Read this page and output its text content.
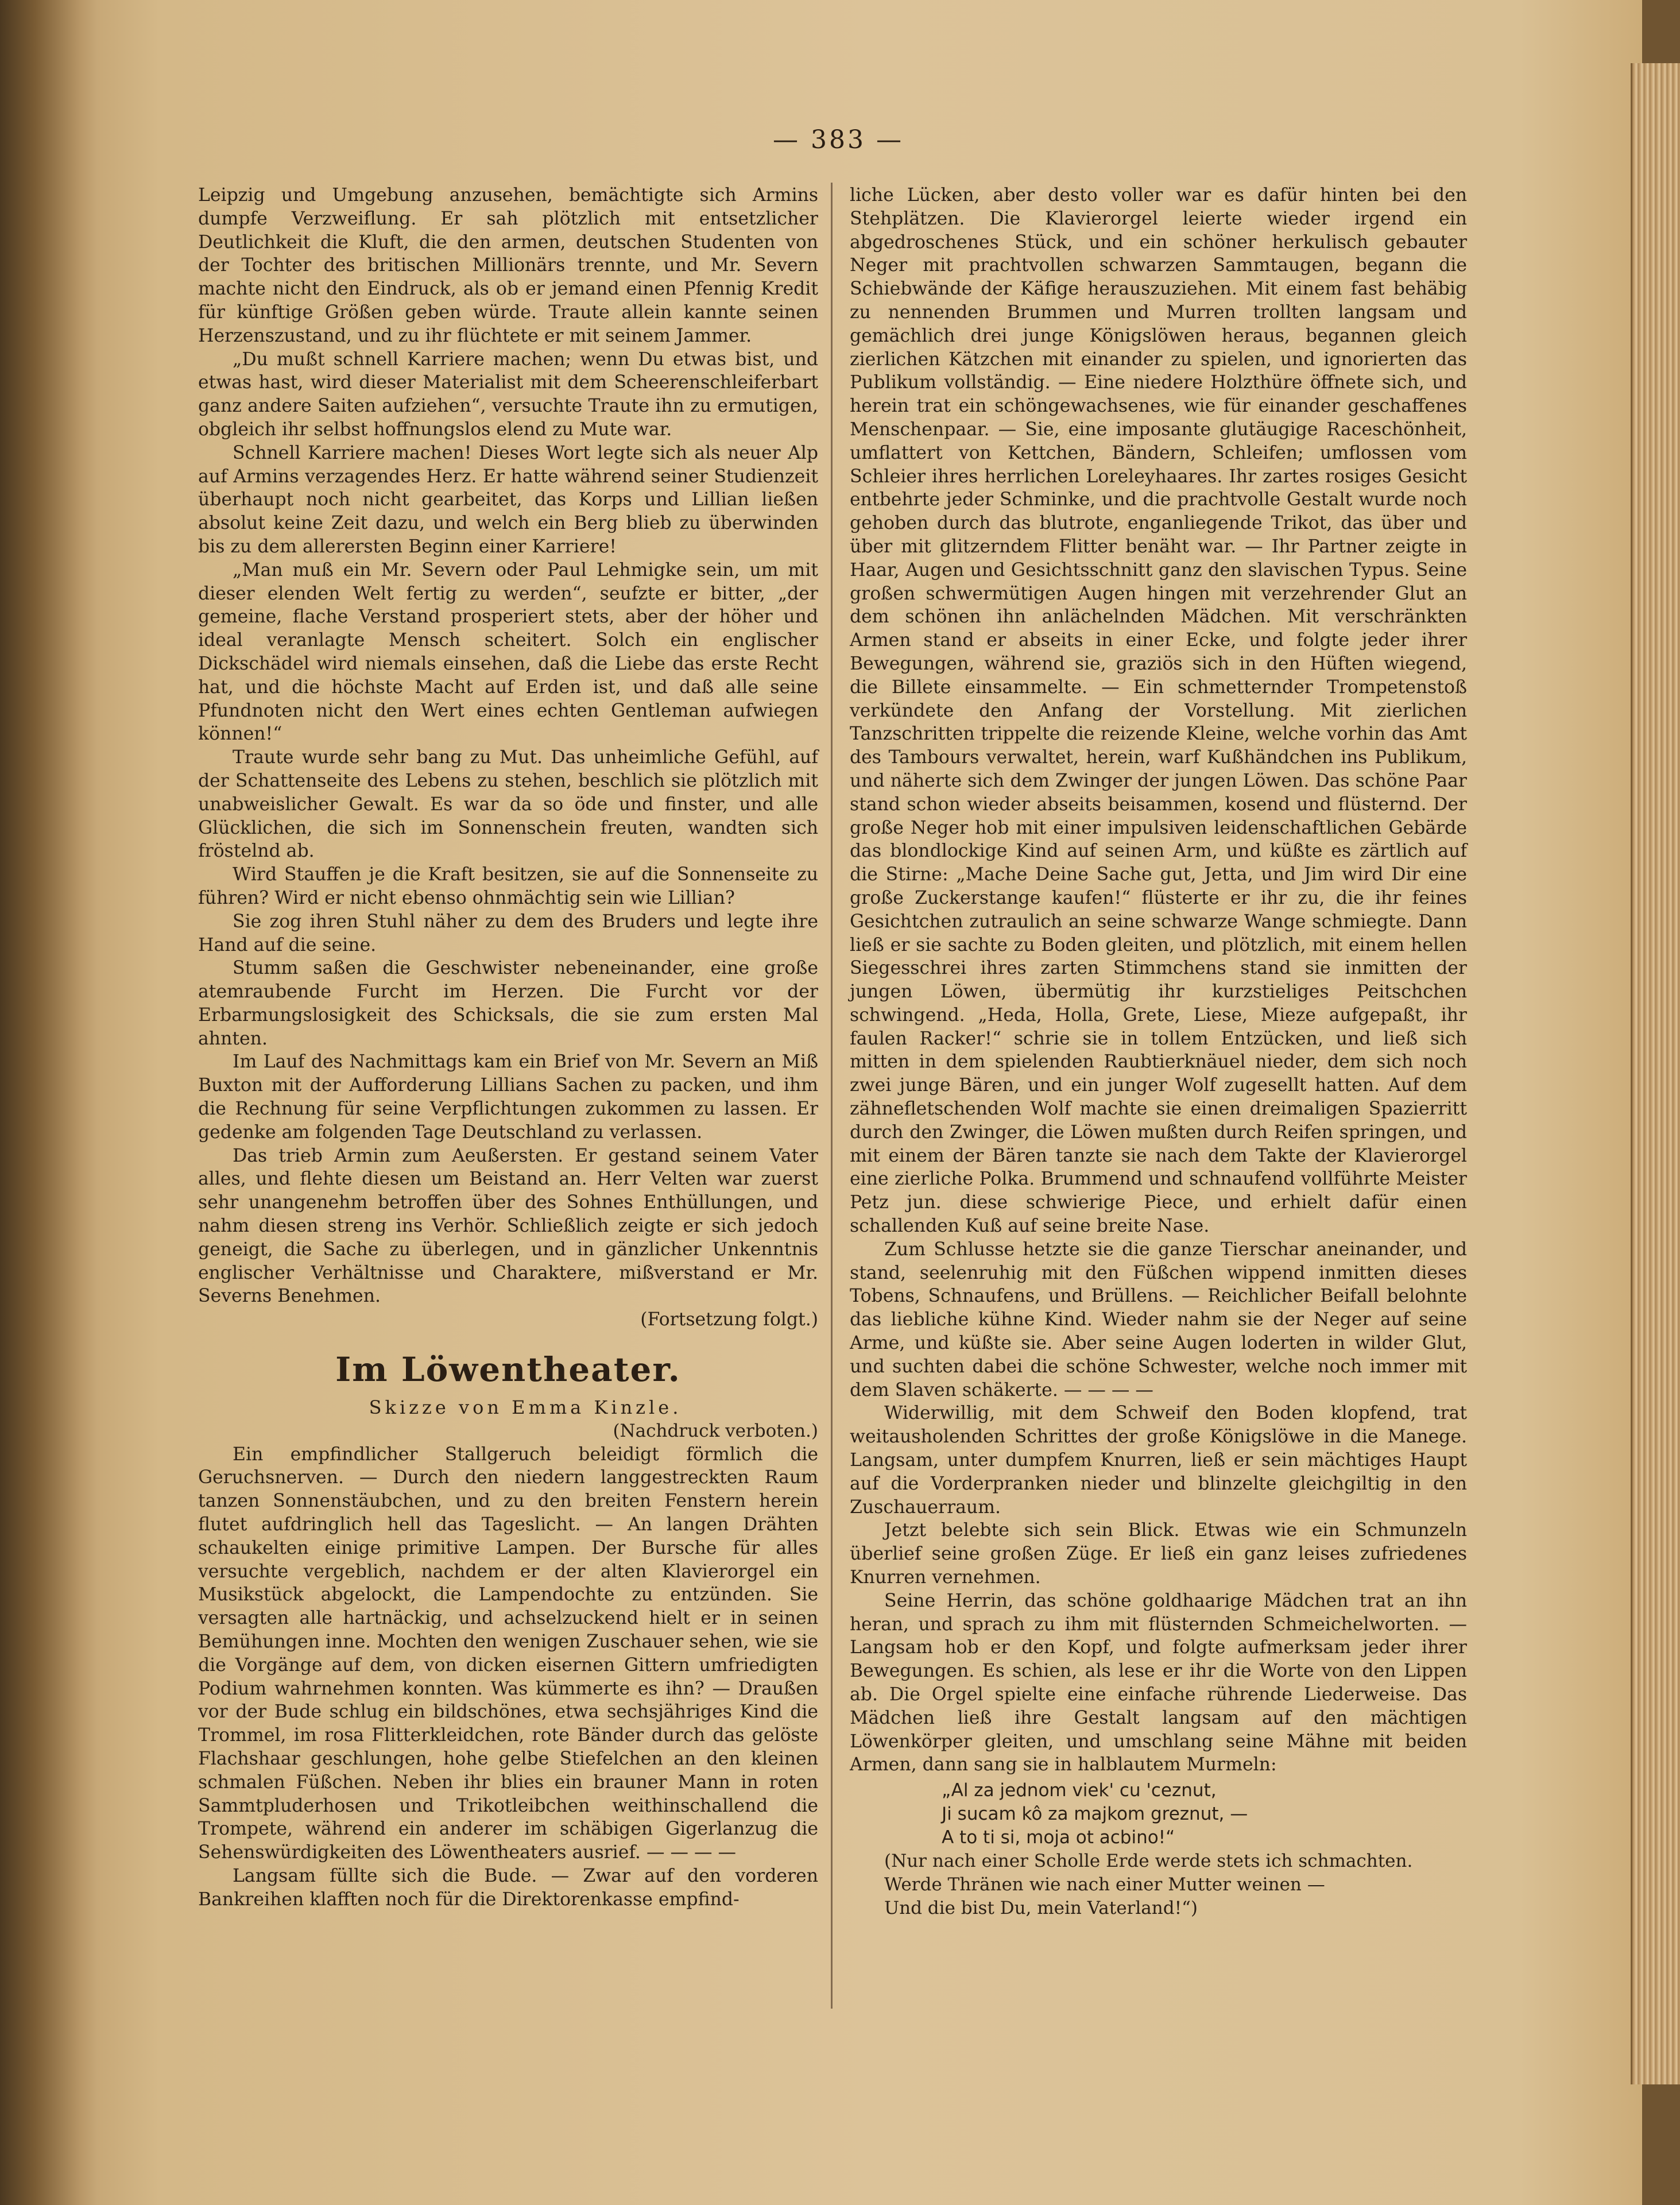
— 383 —

Leipzig und Umgebung anzusehen, bemächtigte sich Armins dumpfe Verzweiflung. Er sah plötzlich mit entsetzlicher Deutlichkeit die Kluft, die den armen, deutschen Studenten von der Tochter des britischen Millionärs trennte, und Mr. Severn machte nicht den Eindruck, als ob er jemand einen Pfennig Kredit für künftige Größen geben würde. Traute allein kannte seinen Herzenszustand, und zu ihr flüchtete er mit seinem Jammer.

„Du mußt schnell Karriere machen; wenn Du etwas bist, und etwas hast, wird dieser Materialist mit dem Scheerenschleiferbart ganz andere Saiten aufziehen“, versuchte Traute ihn zu ermutigen, obgleich ihr selbst hoffnungslos elend zu Mute war.

Schnell Karriere machen! Dieses Wort legte sich als neuer Alp auf Armins verzagendes Herz. Er hatte während seiner Studienzeit überhaupt noch nicht gearbeitet, das Korps und Lillian ließen absolut keine Zeit dazu, und welch ein Berg blieb zu überwinden bis zu dem allerersten Beginn einer Karriere!

„Man muß ein Mr. Severn oder Paul Lehmigke sein, um mit dieser elenden Welt fertig zu werden“, seufzte er bitter, „der gemeine, flache Verstand prosperiert stets, aber der höher und ideal veranlagte Mensch scheitert. Solch ein englischer Dickschädel wird niemals einsehen, daß die Liebe das erste Recht hat, und die höchste Macht auf Erden ist, und daß alle seine Pfundnoten nicht den Wert eines echten Gentleman aufwiegen können!“

Traute wurde sehr bang zu Mut. Das unheimliche Gefühl, auf der Schattenseite des Lebens zu stehen, beschlich sie plötzlich mit unabweislicher Gewalt. Es war da so öde und finster, und alle Glücklichen, die sich im Sonnenschein freuten, wandten sich fröstelnd ab.

Wird Stauffen je die Kraft besitzen, sie auf die Sonnenseite zu führen? Wird er nicht ebenso ohnmächtig sein wie Lillian?

Sie zog ihren Stuhl näher zu dem des Bruders und legte ihre Hand auf die seine.

Stumm saßen die Geschwister nebeneinander, eine große atemraubende Furcht im Herzen. Die Furcht vor der Erbarmungslosigkeit des Schicksals, die sie zum ersten Mal ahnten.

Im Lauf des Nachmittags kam ein Brief von Mr. Severn an Miß Buxton mit der Aufforderung Lillians Sachen zu packen, und ihm die Rechnung für seine Verpflichtungen zukommen zu lassen. Er gedenke am folgenden Tage Deutschland zu verlassen.

Das trieb Armin zum Aeußersten. Er gestand seinem Vater alles, und flehte diesen um Beistand an. Herr Velten war zuerst sehr unangenehm betroffen über des Sohnes Enthüllungen, und nahm diesen streng ins Verhör. Schließlich zeigte er sich jedoch geneigt, die Sache zu überlegen, und in gänzlicher Unkenntnis englischer Verhältnisse und Charaktere, mißverstand er Mr. Severns Benehmen.

(Fortsetzung folgt.)

Im Löwentheater.

Skizze von Emma Kinzle.

(Nachdruck verboten.)

Ein empfindlicher Stallgeruch beleidigt förmlich die Geruchsnerven. — Durch den niedern langgestreckten Raum tanzen Sonnenstäubchen, und zu den breiten Fenstern herein flutet aufdringlich hell das Tageslicht. — An langen Drähten schaukelten einige primitive Lampen. Der Bursche für alles versuchte vergeblich, nachdem er der alten Klavierorgel ein Musikstück abgelockt, die Lampendochte zu entzünden. Sie versagten alle hartnäckig, und achselzuckend hielt er in seinen Bemühungen inne. Mochten den wenigen Zuschauer sehen, wie sie die Vorgänge auf dem, von dicken eisernen Gittern umfriedigten Podium wahrnehmen konnten. Was kümmerte es ihn? — Draußen vor der Bude schlug ein bildschönes, etwa sechsjähriges Kind die Trommel, im rosa Flitterkleidchen, rote Bänder durch das gelöste Flachshaar geschlungen, hohe gelbe Stiefelchen an den kleinen schmalen Füßchen. Neben ihr blies ein brauner Mann in roten Sammtpluderhosen und Trikotleibchen weithinschallend die Trompete, während ein anderer im schäbigen Gigerlanzug die Sehenswürdigkeiten des Löwentheaters ausrief. — — — —

Langsam füllte sich die Bude. — Zwar auf den vorderen Bankreihen klafften noch für die Direktorenkasse empfind-

liche Lücken, aber desto voller war es dafür hinten bei den Stehplätzen. Die Klavierorgel leierte wieder irgend ein abgedroschenes Stück, und ein schöner herkulisch gebauter Neger mit prachtvollen schwarzen Sammtaugen, begann die Schiebwände der Käfige herauszuziehen. Mit einem fast behäbig zu nennenden Brummen und Murren trollten langsam und gemächlich drei junge Königslöwen heraus, begannen gleich zierlichen Kätzchen mit einander zu spielen, und ignorierten das Publikum vollständig. — Eine niedere Holzthüre öffnete sich, und herein trat ein schöngewachsenes, wie für einander geschaffenes Menschenpaar. — Sie, eine imposante glutäugige Raceschönheit, umflattert von Kettchen, Bändern, Schleifen; umflossen vom Schleier ihres herrlichen Loreleyhaares. Ihr zartes rosiges Gesicht entbehrte jeder Schminke, und die prachtvolle Gestalt wurde noch gehoben durch das blutrote, enganliegende Trikot, das über und über mit glitzerndem Flitter benäht war. — Ihr Partner zeigte in Haar, Augen und Gesichtsschnitt ganz den slavischen Typus. Seine großen schwermütigen Augen hingen mit verzehrender Glut an dem schönen ihn anlächelnden Mädchen. Mit verschränkten Armen stand er abseits in einer Ecke, und folgte jeder ihrer Bewegungen, während sie, graziös sich in den Hüften wiegend, die Billete einsammelte. — Ein schmetternder Trompetenstoß verkündete den Anfang der Vorstellung. Mit zierlichen Tanzschritten trippelte die reizende Kleine, welche vorhin das Amt des Tambours verwaltet, herein, warf Kußhändchen ins Publikum, und näherte sich dem Zwinger der jungen Löwen. Das schöne Paar stand schon wieder abseits beisammen, kosend und flüsternd. Der große Neger hob mit einer impulsiven leidenschaftlichen Gebärde das blondlockige Kind auf seinen Arm, und küßte es zärtlich auf die Stirne: „Mache Deine Sache gut, Jetta, und Jim wird Dir eine große Zuckerstange kaufen!“ flüsterte er ihr zu, die ihr feines Gesichtchen zutraulich an seine schwarze Wange schmiegte. Dann ließ er sie sachte zu Boden gleiten, und plötzlich, mit einem hellen Siegesschrei ihres zarten Stimmchens stand sie inmitten der jungen Löwen, übermütig ihr kurzstieliges Peitschchen schwingend. „Heda, Holla, Grete, Liese, Mieze aufgepaßt, ihr faulen Racker!“ schrie sie in tollem Entzücken, und ließ sich mitten in dem spielenden Raubtierknäuel nieder, dem sich noch zwei junge Bären, und ein junger Wolf zugesellt hatten. Auf dem zähnefletschenden Wolf machte sie einen dreimaligen Spazierritt durch den Zwinger, die Löwen mußten durch Reifen springen, und mit einem der Bären tanzte sie nach dem Takte der Klavierorgel eine zierliche Polka. Brummend und schnaufend vollführte Meister Petz jun. diese schwierige Piece, und erhielt dafür einen schallenden Kuß auf seine breite Nase.

Zum Schlusse hetzte sie die ganze Tierschar aneinander, und stand, seelenruhig mit den Füßchen wippend inmitten dieses Tobens, Schnaufens, und Brüllens. — Reichlicher Beifall belohnte das liebliche kühne Kind. Wieder nahm sie der Neger auf seine Arme, und küßte sie. Aber seine Augen loderten in wilder Glut, und suchten dabei die schöne Schwester, welche noch immer mit dem Slaven schäkerte. — — — —

Widerwillig, mit dem Schweif den Boden klopfend, trat weitausholenden Schrittes der große Königslöwe in die Manege. Langsam, unter dumpfem Knurren, ließ er sein mächtiges Haupt auf die Vorderpranken nieder und blinzelte gleichgiltig in den Zuschauerraum.

Jetzt belebte sich sein Blick. Etwas wie ein Schmunzeln überlief seine großen Züge. Er ließ ein ganz leises zufriedenes Knurren vernehmen.

Seine Herrin, das schöne goldhaarige Mädchen trat an ihn heran, und sprach zu ihm mit flüsternden Schmeichelworten. — Langsam hob er den Kopf, und folgte aufmerksam jeder ihrer Bewegungen. Es schien, als lese er ihr die Worte von den Lippen ab. Die Orgel spielte eine einfache rührende Liederweise. Das Mädchen ließ ihre Gestalt langsam auf den mächtigen Löwenkörper gleiten, und umschlang seine Mähne mit beiden Armen, dann sang sie in halblautem Murmeln:

„Al za jednom viek' cu 'ceznut,
Ji sucam kô za majkom greznut, —
A to ti si, moja ot acbino!“

(Nur nach einer Scholle Erde werde stets ich schmachten.
Werde Thränen wie nach einer Mutter weinen —
Und die bist Du, mein Vaterland!“)
